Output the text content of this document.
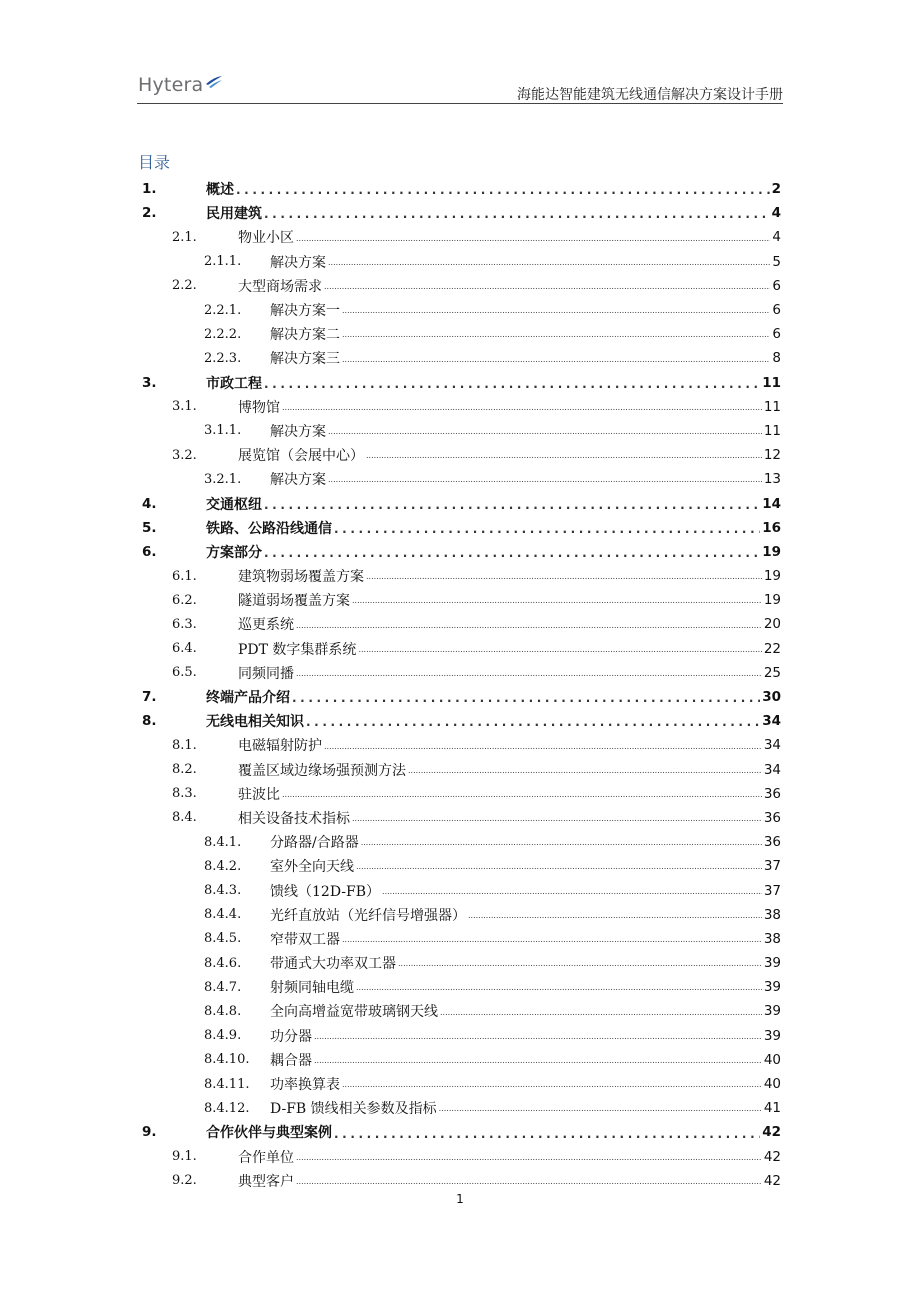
Hytera	海能达智能建筑无线通信解决方案设计手册
目录
1.	概述 .....	2
2.	民用建筑 .....	4
2.1.	物业小区 .....	4
2.1.1.	解决方案 .....	5
2.2.	大型商场需求 .....	6
2.2.1.	解决方案一 .....	6
2.2.2.	解决方案二 .....	6
2.2.3.	解决方案三 .....	8
3.	市政工程 .....	11
3.1.	博物馆 .....	11
3.1.1.	解决方案 .....	11
3.2.	展览馆（会展中心） .....	12
3.2.1.	解决方案 .....	13
4.	交通枢纽 .....	14
5.	铁路、公路沿线通信 .....	16
6.	方案部分 .....	19
6.1.	建筑物弱场覆盖方案 .....	19
6.2.	隧道弱场覆盖方案 .....	19
6.3.	巡更系统 .....	20
6.4.	PDT 数字集群系统 .....	22
6.5.	同频同播 .....	25
7.	终端产品介绍 .....	30
8.	无线电相关知识 .....	34
8.1.	电磁辐射防护 .....	34
8.2.	覆盖区域边缘场强预测方法 .....	34
8.3.	驻波比 .....	36
8.4.	相关设备技术指标 .....	36
8.4.1.	分路器/合路器 .....	36
8.4.2.	室外全向天线 .....	37
8.4.3.	馈线（12D-FB） .....	37
8.4.4.	光纤直放站（光纤信号增强器） .....	38
8.4.5.	窄带双工器 .....	38
8.4.6.	带通式大功率双工器 .....	39
8.4.7.	射频同轴电缆 .....	39
8.4.8.	全向高增益宽带玻璃钢天线 .....	39
8.4.9.	功分器 .....	39
8.4.10.	耦合器 .....	40
8.4.11.	功率换算表 .....	40
8.4.12.	D-FB 馈线相关参数及指标 .....	41
9.	合作伙伴与典型案例 .....	42
9.1.	合作单位 .....	42
9.2.	典型客户 .....	42
1
